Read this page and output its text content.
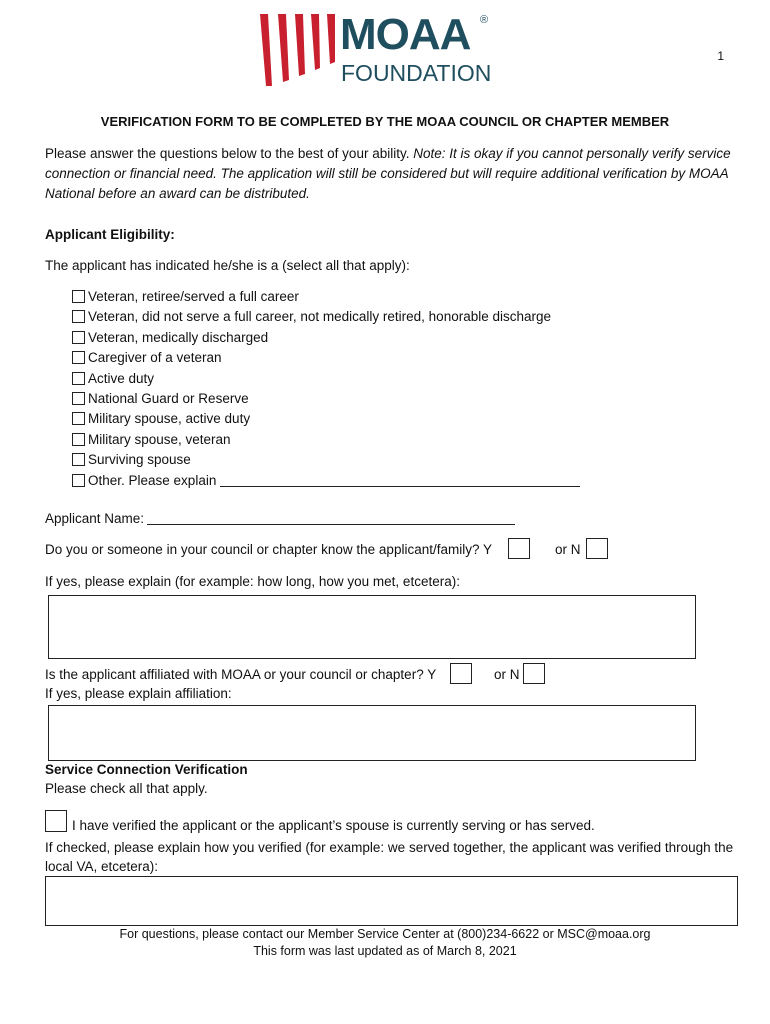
MOAA ®
FOUNDATION
1
VERIFICATION FORM TO BE COMPLETED BY THE MOAA COUNCIL OR CHAPTER MEMBER
Please answer the questions below to the best of your ability. Note: It is okay if you cannot personally verify service connection or financial need. The application will still be considered but will require additional verification by MOAA National before an award can be distributed.
Applicant Eligibility:
The applicant has indicated he/she is a (select all that apply):
Veteran, retiree/served a full career
Veteran, did not serve a full career, not medically retired, honorable discharge
Veteran, medically discharged
Caregiver of a veteran
Active duty
National Guard or Reserve
Military spouse, active duty
Military spouse, veteran
Surviving spouse
Other. Please explain
Applicant Name:
Do you or someone in your council or chapter know the applicant/family? Y	or N
If yes, please explain (for example: how long, how you met, etcetera):
Is the applicant affiliated with MOAA or your council or chapter? Y	or N
If yes, please explain affiliation:
Service Connection Verification
Please check all that apply.
I have verified the applicant or the applicant’s spouse is currently serving or has served.
If checked, please explain how you verified (for example: we served together, the applicant was verified through the local VA, etcetera):
For questions, please contact our Member Service Center at (800)234-6622 or MSC@moaa.org
This form was last updated as of March 8, 2021
